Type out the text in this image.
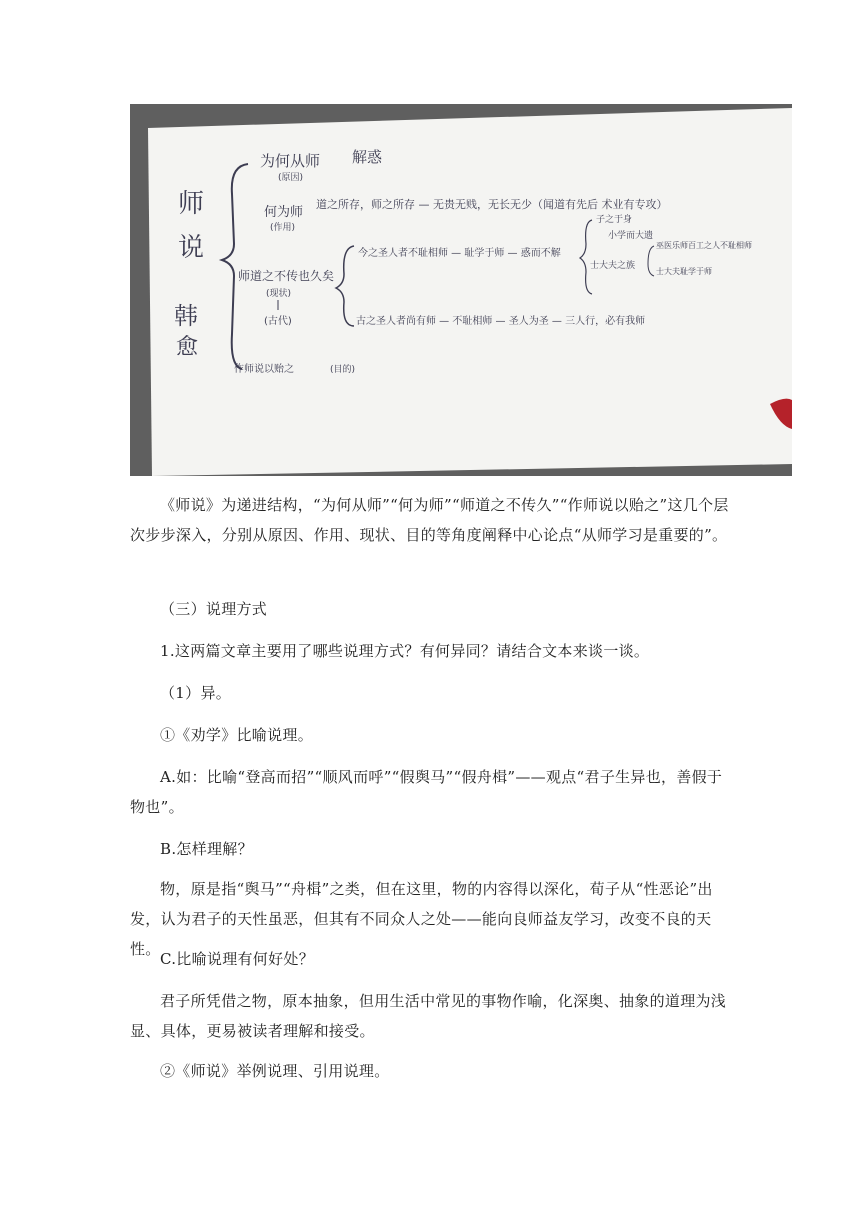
师
说
韩
愈
为何从师
(原因)
解惑
何为师
(作用)
道之所存，师之所存 — 无贵无贱，无长无少（闻道有先后 术业有专攻）
师道之不传也久矣
(现状)
(古代)
今之圣人者不耻相师 — 耻学于师 — 惑而不解
古之圣人者尚有师 — 不耻相师 — 圣人为圣 — 三人行，必有我师
子之于身
小学而大遗
士大夫之族
巫医乐师百工之人不耻相师
士大夫耻学于师
作师说以贻之	(目的)

《师说》为递进结构，“为何从师”“何为师”“师道之不传久”“作师说以贻之”这几个层次步步深入，分别从原因、作用、现状、目的等角度阐释中心论点“从师学习是重要的”。

（三）说理方式

1.这两篇文章主要用了哪些说理方式？有何异同？请结合文本来谈一谈。

（1）异。

①《劝学》比喻说理。

A.如：比喻“登高而招”“顺风而呼”“假舆马”“假舟楫”——观点“君子生异也，善假于物也”。

B.怎样理解？

物，原是指“舆马”“舟楫”之类，但在这里，物的内容得以深化，荀子从“性恶论”出发，认为君子的天性虽恶，但其有不同众人之处——能向良师益友学习，改变不良的天性。

C.比喻说理有何好处？

君子所凭借之物，原本抽象，但用生活中常见的事物作喻，化深奥、抽象的道理为浅显、具体，更易被读者理解和接受。

②《师说》举例说理、引用说理。
